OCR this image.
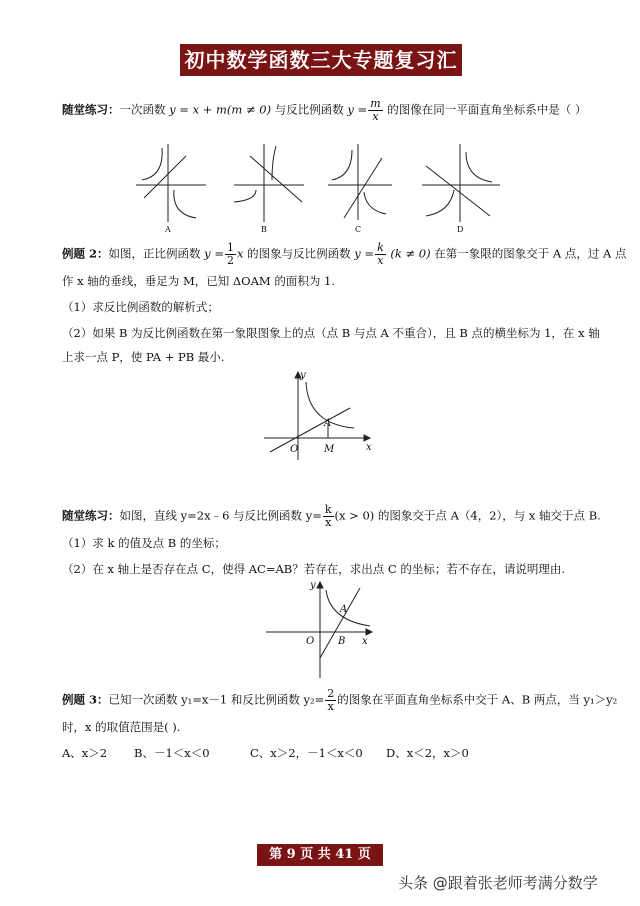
初中数学函数三大专题复习汇总
随堂练习：一次函数 y = x + m(m ≠ 0) 与反比例函数 $y = \frac{m}{x}$ 的图像在同一平面直角坐标系中是（ ）
A	B	C	D
例题 2：如图，正比例函数 $y = \frac{1}{2}$ x 的图象与反比例函数 $y = \frac{k}{x} (k \ne 0)$ 在第一象限的图象交于 A 点，过 A 点
作 x 轴的垂线，垂足为 M，已知 ΔOAM 的面积为 1.
（1）求反比例函数的解析式；
（2）如果 B 为反比例函数在第一象限图象上的点（点 B 与点 A 不重合），且 B 点的横坐标为 1，在 x 轴
上求一点 P，使 PA + PB 最小.
y
x
O
A
M
随堂练习：如图，直线 y=2x﹣6 与反比例函数 $y= \frac{k}{x} (x > 0)$ 的图象交于点 A（4，2），与 x 轴交于点 B.
（1）求 k 的值及点 B 的坐标；
（2）在 x 轴上是否存在点 C，使得 AC=AB？若存在，求出点 C 的坐标；若不存在，请说明理由.
y
x
O
A
B
例题 3：已知一次函数 y₁=x－1 和反比例函数 $y_2= \frac{2}{x}$ 的图象在平面直角坐标系中交于 A、B 两点，当 y₁＞y₂
时，x 的取值范围是( ).
A、x＞2 B、－1＜x＜0	C、x＞2，－1＜x＜0 D、x＜2，x＞0
第 9 页 共 41 页
头条 @跟着张老师考满分数学
